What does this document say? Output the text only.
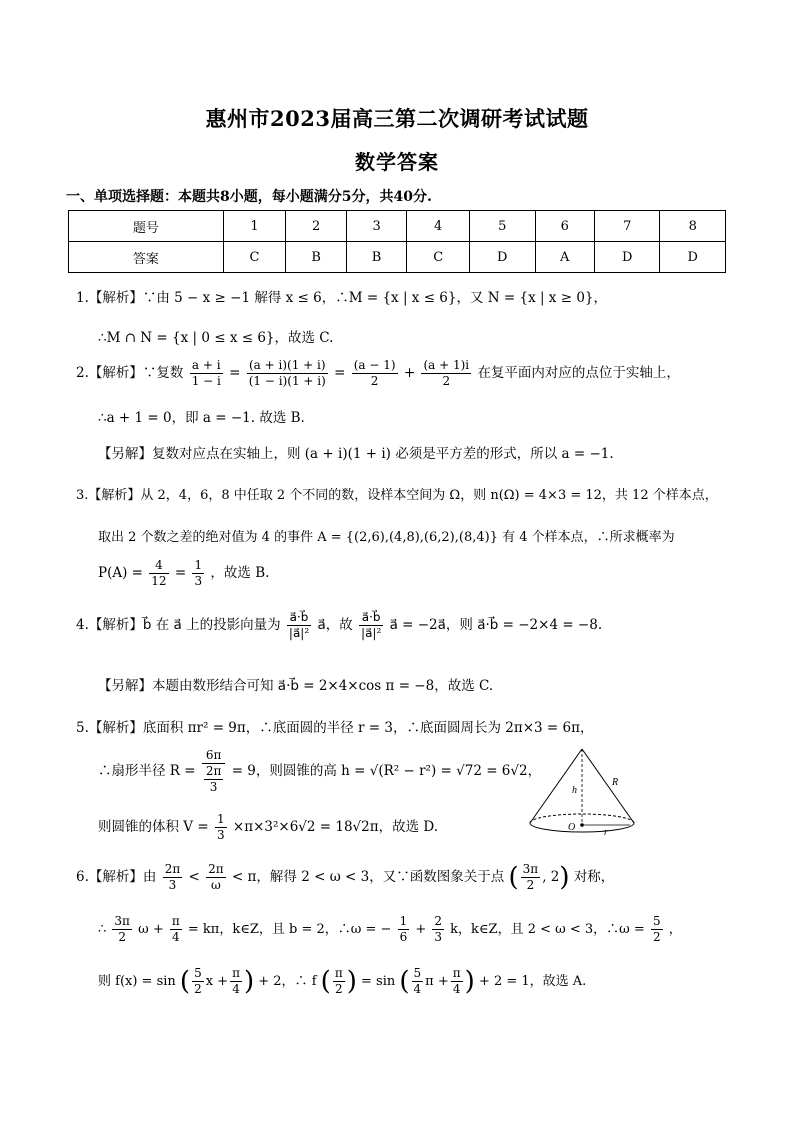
惠州市2023届高三第二次调研考试试题
数学答案
一、单项选择题：本题共8小题，每小题满分5分，共40分.
题号	1	2	3	4	5	6	7	8
答案	C	B	B	C	D	A	D	D
1.【解析】∵由 5 − x ≥ −1 解得 x ≤ 6，∴M = {x | x ≤ 6}，又 N = {x | x ≥ 0}，
∴M ∩ N = {x | 0 ≤ x ≤ 6}，故选 C.
2.【解析】∵复数 $\frac{a + i}{1 - i} = \frac{(a + i)(1 + i)}{(1 - i)(1 + i)} = \frac{(a - 1)}{2} + \frac{(a + 1)i}{2}$ 在复平面内对应的点位于实轴上，
∴a + 1 = 0，即 a = −1. 故选 B.
【另解】复数对应点在实轴上，则 (a + i)(1 + i) 必须是平方差的形式，所以 a = −1.
3.【解析】从 2，4，6，8 中任取 2 个不同的数，设样本空间为 Ω，则 n(Ω) = 4×3 = 12，共 12 个样本点，
取出 2 个数之差的绝对值为 4 的事件 A = {(2,6),(4,8),(6,2),(8,4)} 有 4 个样本点，∴所求概率为
$P(A) = \frac{4}{12} = \frac{1}{3}$ ，故选 B.
4.【解析】b⃗ 在 a⃗ 上的投影向量为 $\frac{a⃗\cdot b⃗}{\text{|a⃗|²}}$ a⃗，故 $\frac{a⃗\cdot b⃗}{\text{|a⃗|²}}$ a⃗ = −2a⃗，则 a⃗·b⃗ = −2×4 = −8.
【另解】本题由数形结合可知 a⃗·b⃗ = 2×4×cos π = −8，故选 C.
5.【解析】底面积 πr² = 9π，∴底面圆的半径 r = 3，∴底面圆周长为 2π×3 = 6π，
∴扇形半径 $R = \frac{6\pi}{\frac{2\pi}{3}} = 9$，则圆锥的高 h = √(R² − r²) = √72 = 6√2，
则圆锥的体积 $V = \frac{1}{3} \times\pi\times 3^2\times 6√2 = 18√2\pi$，故选 D.
R
h
O	r
6.【解析】由 $\frac{2\pi}{3} < \frac{2\pi}{\omega} < \pi$，解得 2 < ω < 3，又∵函数图象关于点 ( $\frac{3\pi}{2}$ , 2) 对称，
∴ $\frac{3\pi}{2}$ $\omega + \frac{\pi}{4} = k\pi$，k∈Z，且 b = 2，∴ω = − $\frac{1}{6} + \frac{2}{3}$ k，k∈Z，且 2 < ω < 3，∴ω = $\frac{5}{2}$ ，
则 f(x) = sin ( $\frac{5}{2}$ $x + \frac{\pi}{4}$ ) + 2，∴ f ( $\frac{\pi}{2}$ ) = sin ( $\frac{5}{4}$ $\pi + \frac{\pi}{4}$ ) + 2 = 1，故选 A.
